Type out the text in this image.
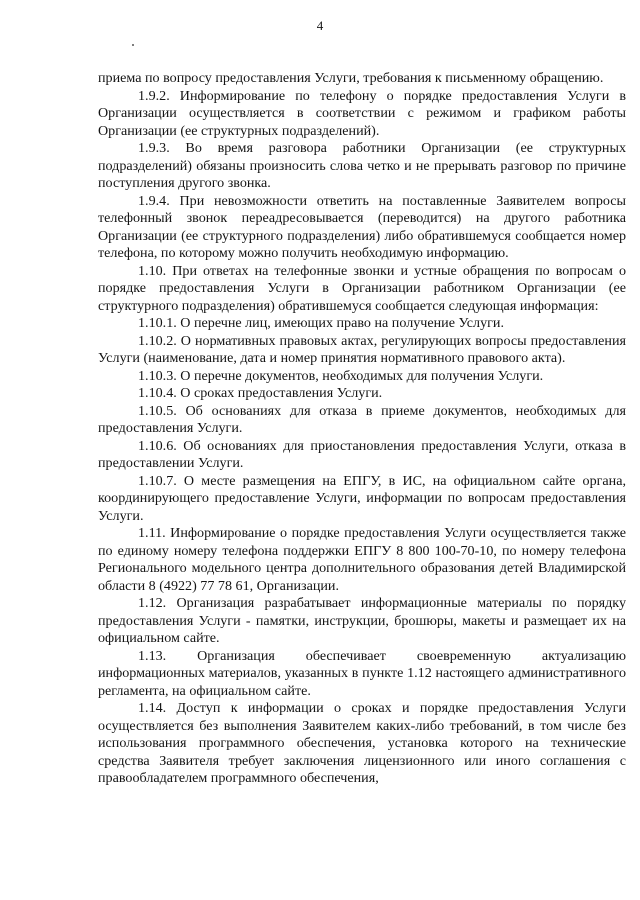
4

приема по вопросу предоставления Услуги, требования к письменному обращению.

1.9.2. Информирование по телефону о порядке предоставления Услуги в Организации осуществляется в соответствии с режимом и графиком работы Организации (ее структурных подразделений).

1.9.3. Во время разговора работники Организации (ее структурных подразделений) обязаны произносить слова четко и не прерывать разговор по причине поступления другого звонка.

1.9.4. При невозможности ответить на поставленные Заявителем вопросы телефонный звонок переадресовывается (переводится) на другого работника Организации (ее структурного подразделения) либо обратившемуся сообщается номер телефона, по которому можно получить необходимую информацию.

1.10. При ответах на телефонные звонки и устные обращения по вопросам о порядке предоставления Услуги в Организации работником Организации (ее структурного подразделения) обратившемуся сообщается следующая информация:

1.10.1. О перечне лиц, имеющих право на получение Услуги.

1.10.2. О нормативных правовых актах, регулирующих вопросы предоставления Услуги (наименование, дата и номер принятия нормативного правового акта).

1.10.3. О перечне документов, необходимых для получения Услуги.

1.10.4. О сроках предоставления Услуги.

1.10.5. Об основаниях для отказа в приеме документов, необходимых для предоставления Услуги.

1.10.6. Об основаниях для приостановления предоставления Услуги, отказа в предоставлении Услуги.

1.10.7. О месте размещения на ЕПГУ, в ИС, на официальном сайте органа, координирующего предоставление Услуги, информации по вопросам предоставления Услуги.

1.11. Информирование о порядке предоставления Услуги осуществляется также по единому номеру телефона поддержки ЕПГУ 8 800 100-70-10, по номеру телефона Регионального модельного центра дополнительного образования детей Владимирской области 8 (4922) 77 78 61, Организации.

1.12. Организация разрабатывает информационные материалы по порядку предоставления Услуги - памятки, инструкции, брошюры, макеты и размещает их на официальном сайте.

1.13. Организация обеспечивает своевременную актуализацию информационных материалов, указанных в пункте 1.12 настоящего административного регламента, на официальном сайте.

1.14. Доступ к информации о сроках и порядке предоставления Услуги осуществляется без выполнения Заявителем каких-либо требований, в том числе без использования программного обеспечения, установка которого на технические средства Заявителя требует заключения лицензионного или иного соглашения с правообладателем программного обеспечения,
